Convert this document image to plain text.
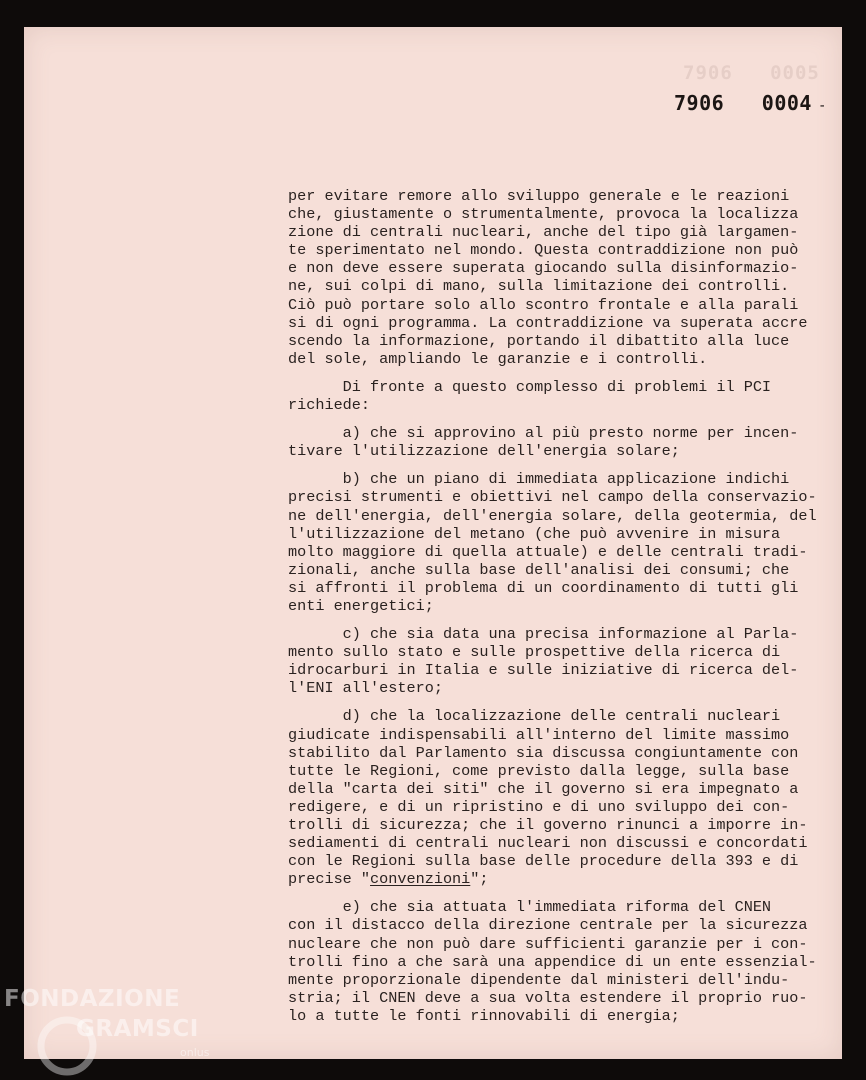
7906   0005
7906   0004 -
per evitare remore allo sviluppo generale e le reazioni
che, giustamente o strumentalmente, provoca la localizza
zione di centrali nucleari, anche del tipo già largamen-
te sperimentato nel mondo. Questa contraddizione non può
e non deve essere superata giocando sulla disinformazio-
ne, sui colpi di mano, sulla limitazione dei controlli.
Ciò può portare solo allo scontro frontale e alla parali
si di ogni programma. La contraddizione va superata accre
scendo la informazione, portando il dibattito alla luce
del sole, ampliando le garanzie e i controlli.
Di fronte a questo complesso di problemi il PCI
richiede:
a) che si approvino al più presto norme per incen-
tivare l'utilizzazione dell'energia solare;
b) che un piano di immediata applicazione indichi
precisi strumenti e obiettivi nel campo della conservazio-
ne dell'energia, dell'energia solare, della geotermia, del
l'utilizzazione del metano (che può avvenire in misura
molto maggiore di quella attuale) e delle centrali tradi-
zionali, anche sulla base dell'analisi dei consumi; che
si affronti il problema di un coordinamento di tutti gli
enti energetici;
c) che sia data una precisa informazione al Parla-
mento sullo stato e sulle prospettive della ricerca di
idrocarburi in Italia e sulle iniziative di ricerca del-
l'ENI all'estero;
d) che la localizzazione delle centrali nucleari
giudicate indispensabili all'interno del limite massimo
stabilito dal Parlamento sia discussa congiuntamente con
tutte le Regioni, come previsto dalla legge, sulla base
della "carta dei siti" che il governo si era impegnato a
redigere, e di un ripristino e di uno sviluppo dei con-
trolli di sicurezza; che il governo rinunci a imporre in-
sediamenti di centrali nucleari non discussi e concordati
con le Regioni sulla base delle procedure della 393 e di
precise "convenzioni";
e) che sia attuata l'immediata riforma del CNEN
con il distacco della direzione centrale per la sicurezza
nucleare che non può dare sufficienti garanzie per i con-
trolli fino a che sarà una appendice di un ente essenzial-
mente proporzionale dipendente dal ministeri dell'indu-
stria; il CNEN deve a sua volta estendere il proprio ruo-
lo a tutte le fonti rinnovabili di energia;
FONDAZIONE
GRAMSCI
onlus
